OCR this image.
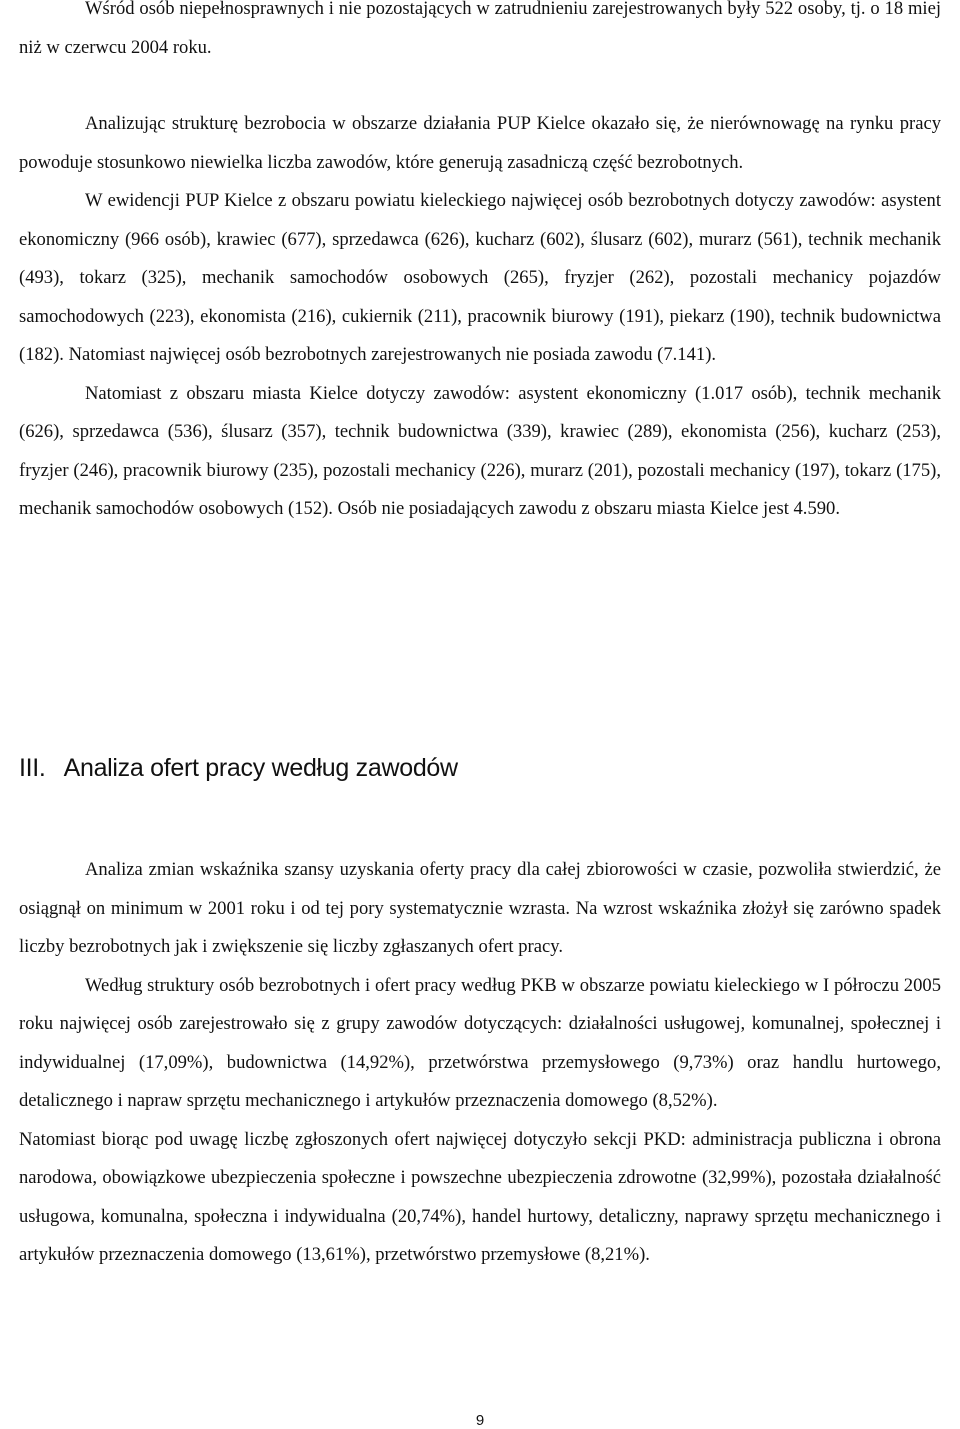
Wśród osób niepełnosprawnych i nie pozostających w zatrudnieniu zarejestrowanych były 522 osoby, tj. o 18 miej niż w czerwcu 2004 roku.

Analizując strukturę bezrobocia w obszarze działania PUP Kielce okazało się, że nierównowagę na rynku pracy powoduje stosunkowo niewielka liczba zawodów, które generują zasadniczą część bezrobotnych.

W ewidencji PUP Kielce z obszaru powiatu kieleckiego najwięcej osób bezrobotnych dotyczy zawodów: asystent ekonomiczny (966 osób), krawiec (677), sprzedawca (626), kucharz (602), ślusarz (602), murarz (561), technik mechanik (493), tokarz (325), mechanik samochodów osobowych (265), fryzjer (262), pozostali mechanicy pojazdów samochodowych (223), ekonomista (216), cukiernik (211), pracownik biurowy (191), piekarz (190), technik budownictwa (182). Natomiast najwięcej osób bezrobotnych zarejestrowanych nie posiada zawodu (7.141).

Natomiast z obszaru miasta Kielce dotyczy zawodów: asystent ekonomiczny (1.017 osób), technik mechanik (626), sprzedawca (536), ślusarz (357), technik budownictwa (339), krawiec (289), ekonomista (256), kucharz (253), fryzjer (246), pracownik biurowy (235), pozostali mechanicy (226), murarz (201), pozostali mechanicy (197), tokarz (175), mechanik samochodów osobowych (152). Osób nie posiadających zawodu z obszaru miasta Kielce jest 4.590.

III. Analiza ofert pracy według zawodów

Analiza zmian wskaźnika szansy uzyskania oferty pracy dla całej zbiorowości w czasie, pozwoliła stwierdzić, że osiągnął on minimum w 2001 roku i od tej pory systematycznie wzrasta. Na wzrost wskaźnika złożył się zarówno spadek liczby bezrobotnych jak i zwiększenie się liczby zgłaszanych ofert pracy.

Według struktury osób bezrobotnych i ofert pracy według PKB w obszarze powiatu kieleckiego w I półroczu 2005 roku najwięcej osób zarejestrowało się z grupy zawodów dotyczących: działalności usługowej, komunalnej, społecznej i indywidualnej (17,09%), budownictwa (14,92%), przetwórstwa przemysłowego (9,73%) oraz handlu hurtowego, detalicznego i napraw sprzętu mechanicznego i artykułów przeznaczenia domowego (8,52%).

Natomiast biorąc pod uwagę liczbę zgłoszonych ofert najwięcej dotyczyło sekcji PKD: administracja publiczna i obrona narodowa, obowiązkowe ubezpieczenia społeczne i powszechne ubezpieczenia zdrowotne (32,99%), pozostała działalność usługowa, komunalna, społeczna i indywidualna (20,74%), handel hurtowy, detaliczny, naprawy sprzętu mechanicznego i artykułów przeznaczenia domowego (13,61%), przetwórstwo przemysłowe (8,21%).

9
